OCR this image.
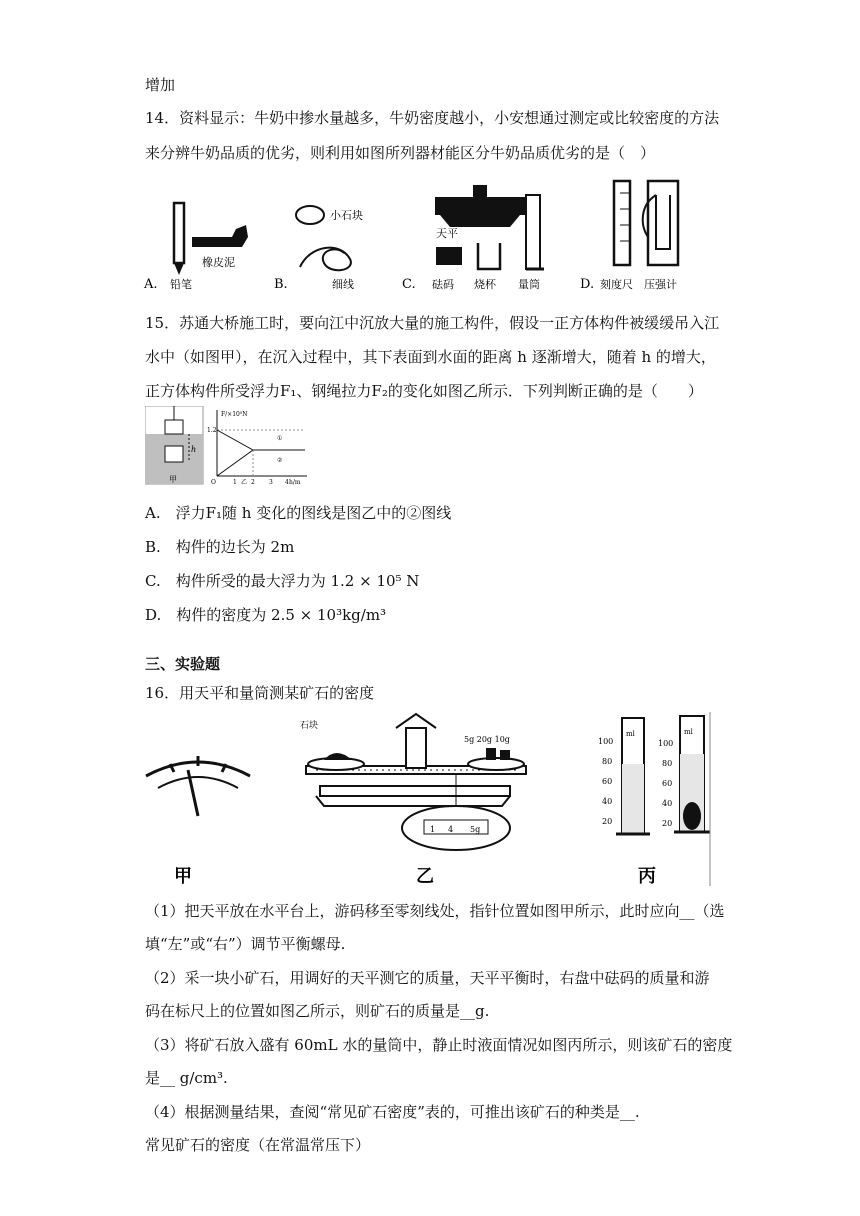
增加
14．资料显示：牛奶中掺水量越多，牛奶密度越小，小安想通过测定或比较密度的方法
来分辨牛奶品质的优劣，则利用如图所列器材能区分牛奶品质优劣的是（　）
A. 铅笔
橡皮泥
B.
小石块
细线	C.
天平
砝码 烧杯 量筒	D. 刻度尺 压强计
15．苏通大桥施工时，要向江中沉放大量的施工构件，假设一正方体构件被缓缓吊入江
水中（如图甲），在沉入过程中，其下表面到水面的距离 h 逐渐增大，随着 h 的增大，
正方体构件所受浮力F₁、钢绳拉力F₂的变化如图乙所示．下列判断正确的是（　　）
h
甲
F/×10⁵N
h/m
1.2
①
②
O	1 2 3 4
乙
A.　浮力F₁随 h 变化的图线是图乙中的②图线
B.　构件的边长为 2m
C.　构件所受的最大浮力为 1.2 × 10⁵ N
D.　构件的密度为 2.5 × 10³kg/m³
三、实验题
16．用天平和量筒测某矿石的密度
甲
石块
5g 20g 10g
1 4 5g
乙
100
80
60
40
20
ml
100
80
60
40
20
ml
丙
（1）把天平放在水平台上，游码移至零刻线处，指针位置如图甲所示，此时应向__（选
填“左”或“右”）调节平衡螺母.
（2）采一块小矿石，用调好的天平测它的质量，天平平衡时，右盘中砝码的质量和游
码在标尺上的位置如图乙所示，则矿石的质量是__g.
（3）将矿石放入盛有 60mL 水的量筒中，静止时液面情况如图丙所示，则该矿石的密度
是__ g/cm³.
（4）根据测量结果，查阅“常见矿石密度”表的，可推出该矿石的种类是__.
常见矿石的密度（在常温常压下）
